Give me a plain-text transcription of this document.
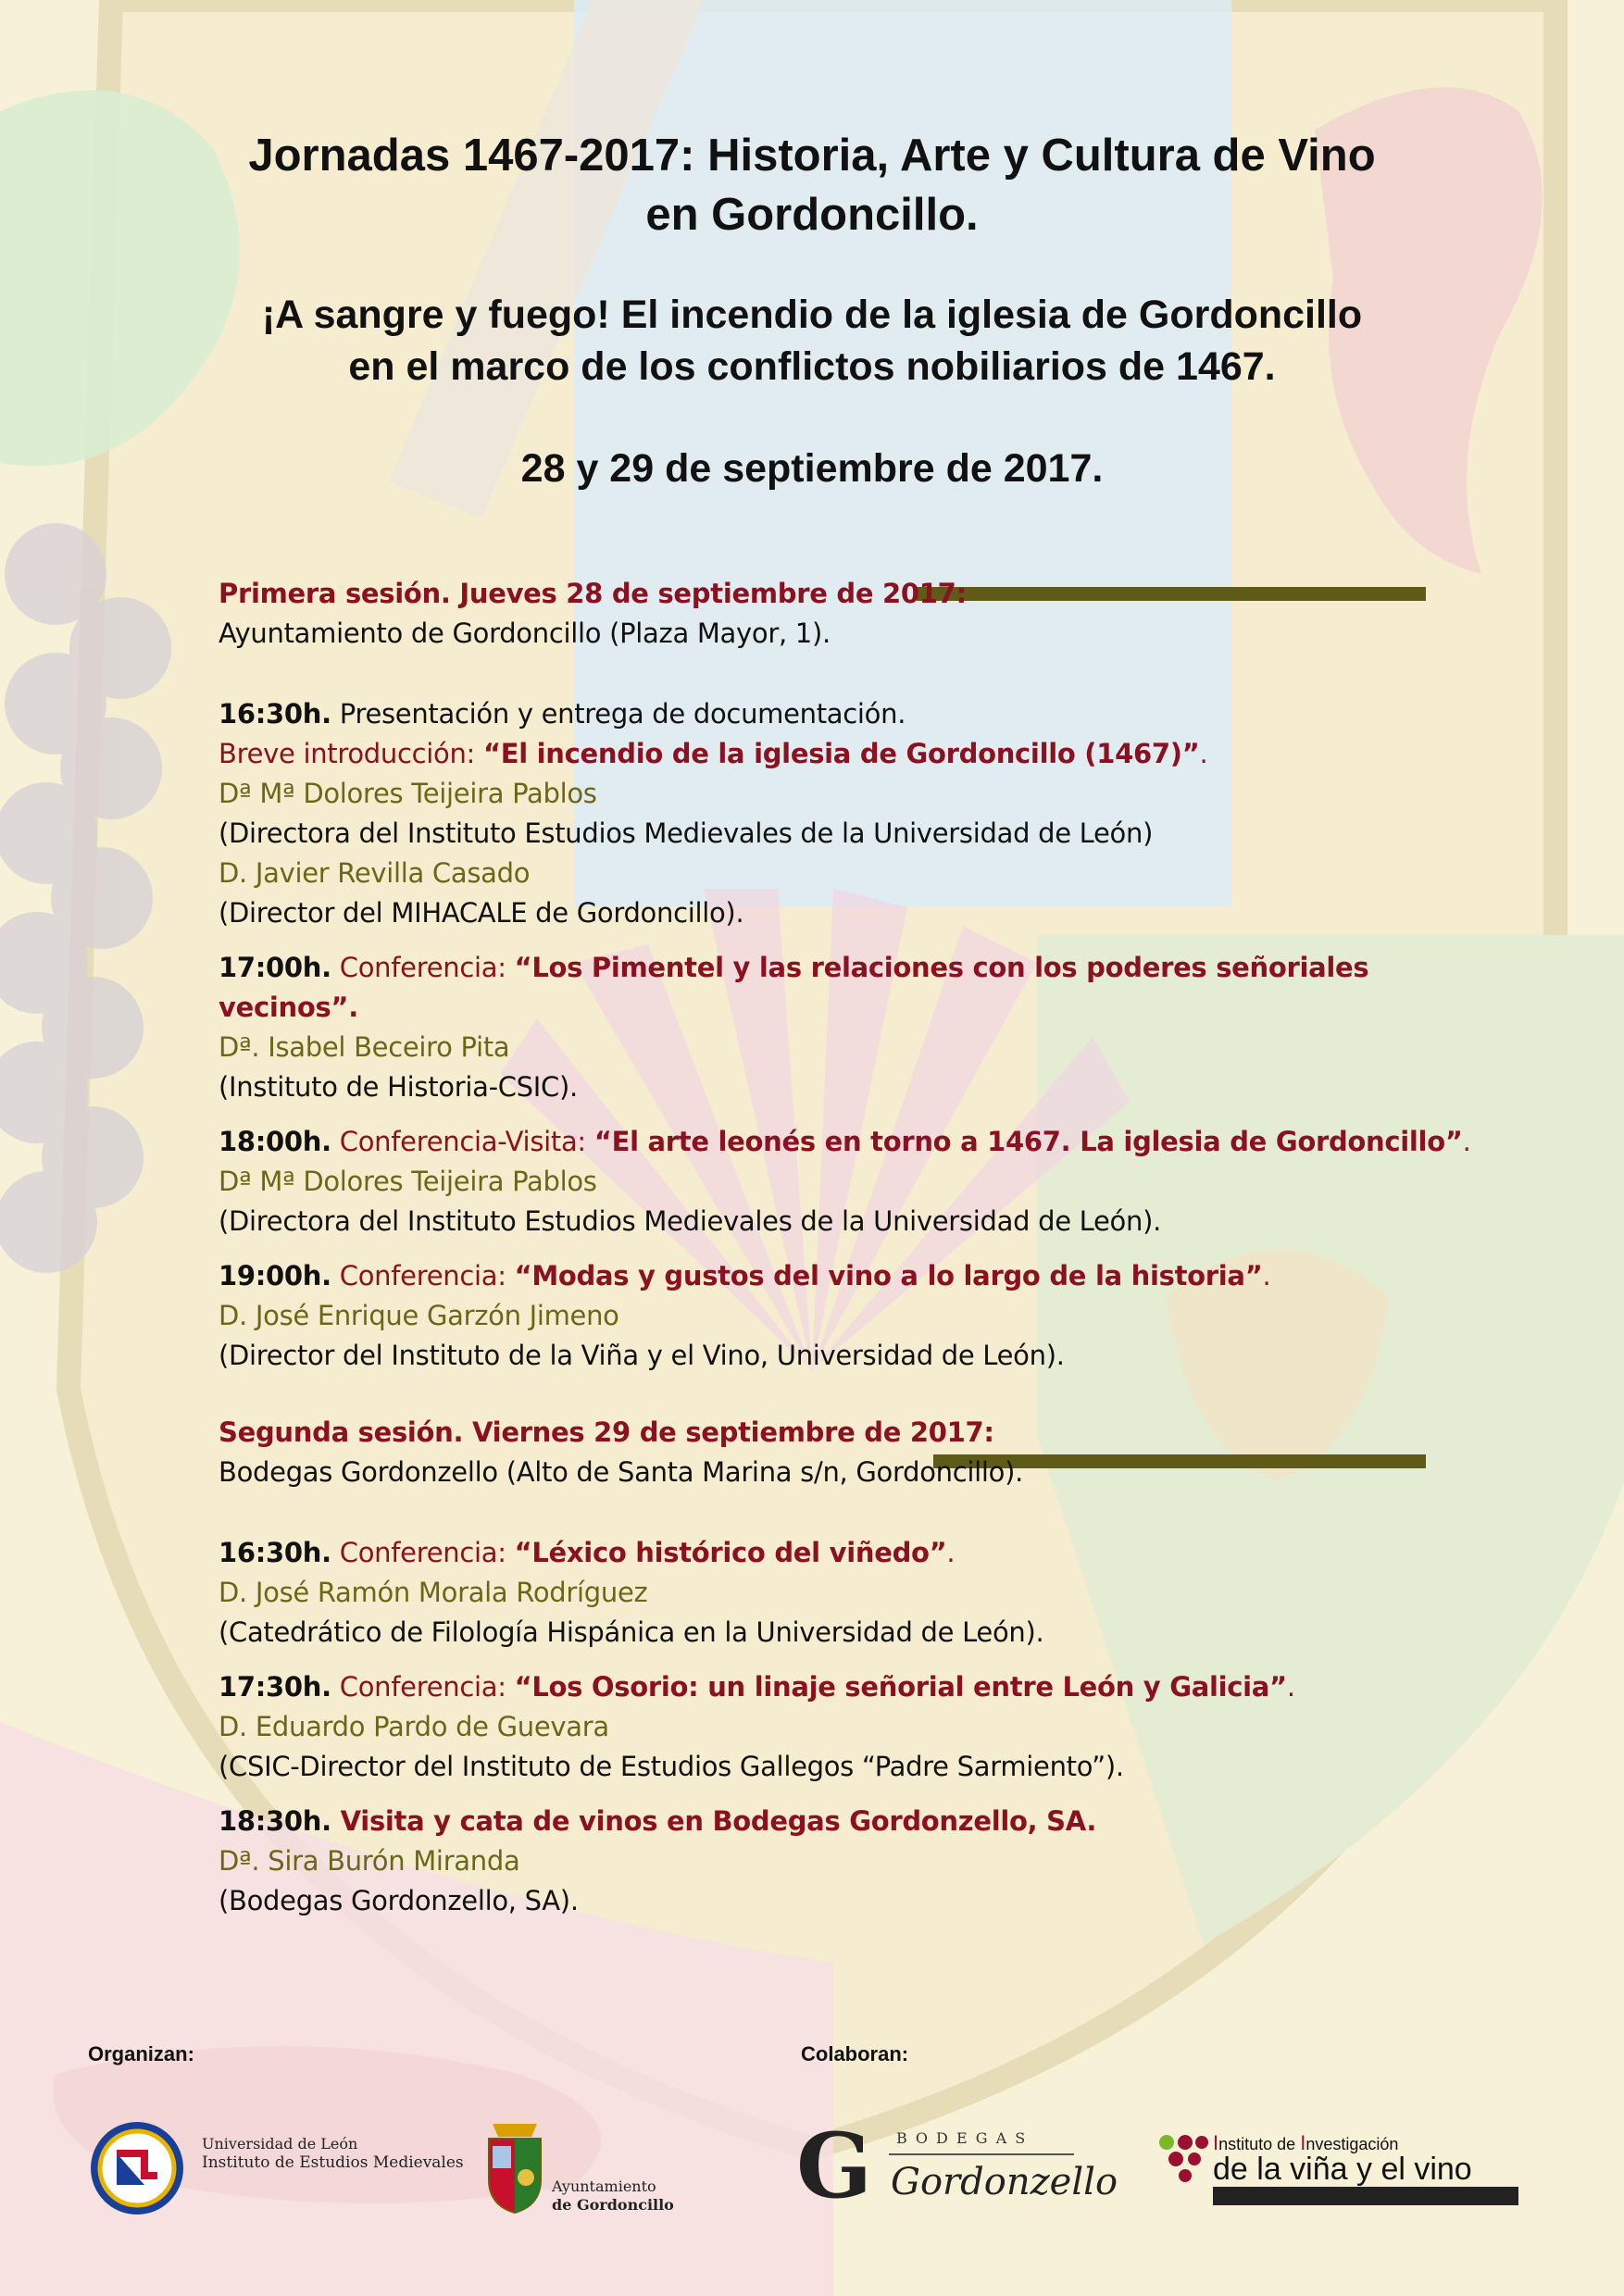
Jornadas 1467-2017: Historia, Arte y Cultura de Vino
en Gordoncillo.
¡A sangre y fuego! El incendio de la iglesia de Gordoncillo
en el marco de los conflictos nobiliarios de 1467.
28 y 29 de septiembre de 2017.
Primera sesión. Jueves 28 de septiembre de 2017:
Ayuntamiento de Gordoncillo (Plaza Mayor, 1).
16:30h. Presentación y entrega de documentación.
Breve introducción: “El incendio de la iglesia de Gordoncillo (1467)”.
Dª Mª Dolores Teijeira Pablos
(Directora del Instituto Estudios Medievales de la Universidad de León)
D. Javier Revilla Casado
(Director del MIHACALE de Gordoncillo).
17:00h. Conferencia: “Los Pimentel y las relaciones con los poderes señoriales
vecinos”.
Dª. Isabel Beceiro Pita
(Instituto de Historia-CSIC).
18:00h. Conferencia-Visita: “El arte leonés en torno a 1467. La iglesia de Gordoncillo”.
Dª Mª Dolores Teijeira Pablos
(Directora del Instituto Estudios Medievales de la Universidad de León).
19:00h. Conferencia: “Modas y gustos del vino a lo largo de la historia”.
D. José Enrique Garzón Jimeno
(Director del Instituto de la Viña y el Vino, Universidad de León).
Segunda sesión. Viernes 29 de septiembre de 2017:
Bodegas Gordonzello (Alto de Santa Marina s/n, Gordoncillo).
16:30h. Conferencia: “Léxico histórico del viñedo”.
D. José Ramón Morala Rodríguez
(Catedrático de Filología Hispánica en la Universidad de León).
17:30h. Conferencia: “Los Osorio: un linaje señorial entre León y Galicia”.
D. Eduardo Pardo de Guevara
(CSIC-Director del Instituto de Estudios Gallegos “Padre Sarmiento”).
18:30h. Visita y cata de vinos en Bodegas Gordonzello, SA.
Dª. Sira Burón Miranda
(Bodegas Gordonzello, SA).
Organizan:	Colaboran:
Universidad de León
Instituto de Estudios Medievales
Ayuntamiento
de Gordoncillo G B O D E G A S
Gordonzello
Instituto de Investigación
de la viña y el vino
